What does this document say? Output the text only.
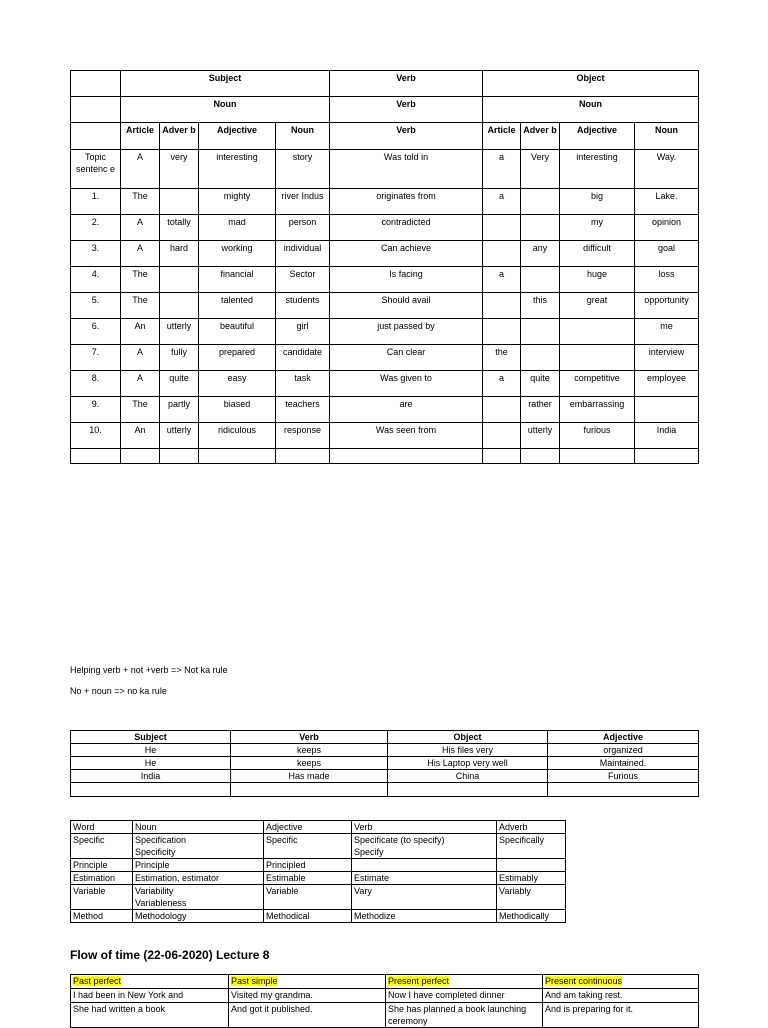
	Subject				Verb	Object			
	Noun				Verb	Noun			
	Article	Adver b	Adjective	Noun	Verb	Article	Adver b	Adjective	Noun
Topic sentenc e	A	very	interesting	story	Was told in	a	Very	interesting	Way.
1.	The		mighty	river Indus	originates from	a		big	Lake.
2.	A	totally	mad	person	contradicted			my	opinion
3.	A	hard	working	individual	Can achieve		any	difficult	goal
4.	The		financial	Sector	Is facing	a		huge	loss
5.	The		talented	students	Should avail		this	great	opportunity
6.	An	utterly	beautiful	girl	just passed by				me
7.	A	fully	prepared	candidate	Can clear	the			interview
8.	A	quite	easy	task	Was given to	a	quite	competitive	employee
9.	The	partly	biased	teachers	are		rather	embarrassing	
10.	An	utterly	ridiculous	response	Was seen from		utterly	furious	India

Helping verb + not +verb => Not ka rule
No + noun => no ka rule
Subject	Verb	Object	Adjective
He	keeps	His files very	organized
He	keeps	His Laptop very well	Maintained.
India	Has made	China	Furious

Word	Noun	Adjective	Verb	Adverb
Specific	Specification	Specific	Specificate (to specify)	Specifically
	Specificity		Specify	
Principle	Principle	Principled		
Estimation	Estimation, estimator	Estimable	Estimate	Estimably
Variable	Variability	Variable	Vary	Variably
	Variableness			
Method	Methodology	Methodical	Methodize	Methodically
Flow of time (22-06-2020) Lecture 8
Past perfect	Past simple	Present perfect	Present continuous
I had been in New York and	Visited my grandma.	Now I have completed dinner	And am taking rest.
She had written a book	And got it published.	She has planned a book launching ceremony	And is preparing for it.
